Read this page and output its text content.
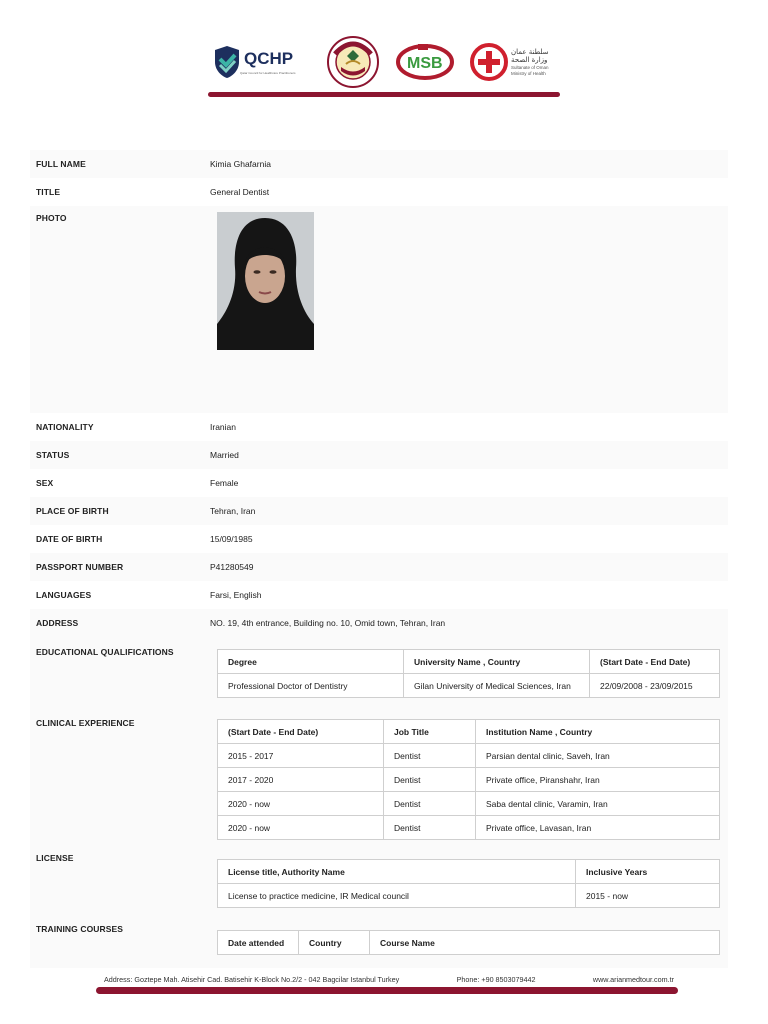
QCHP
Qatar Council for Healthcare Practitioners
MSB
سلطنة عمان
وزارة الصحة
Sultanate of Oman
Ministry of Health
FULL NAME	Kimia Ghafarnia
TITLE	General Dentist
PHOTO
NATIONALITY	Iranian
STATUS	Married
SEX	Female
PLACE OF BIRTH	Tehran, Iran
DATE OF BIRTH	15/09/1985
PASSPORT NUMBER	P41280549
LANGUAGES	Farsi, English
ADDRESS	NO. 19, 4th entrance, Building no. 10, Omid town, Tehran, Iran
EDUCATIONAL QUALIFICATIONS
Degree	University Name , Country	(Start Date - End Date)
Professional Doctor of Dentistry	Gilan University of Medical Sciences, Iran	22/09/2008 - 23/09/2015
CLINICAL EXPERIENCE
(Start Date - End Date)	Job Title	Institution Name , Country
2015 - 2017	Dentist	Parsian dental clinic, Saveh, Iran
2017 - 2020	Dentist	Private office, Piranshahr, Iran
2020 - now	Dentist	Saba dental clinic, Varamin, Iran
2020 - now	Dentist	Private office, Lavasan, Iran
LICENSE
License title, Authority Name	Inclusive Years
License to practice medicine, IR Medical council	2015 - now
TRAINING COURSES
Date attended	Country	Course Name
Address: Goztepe Mah. Atisehir Cad. Batisehir K-Block No.2/2 - 042 Bagcilar Istanbul Turkey	Phone: +90 8503079442	www.arianmedtour.com.tr
